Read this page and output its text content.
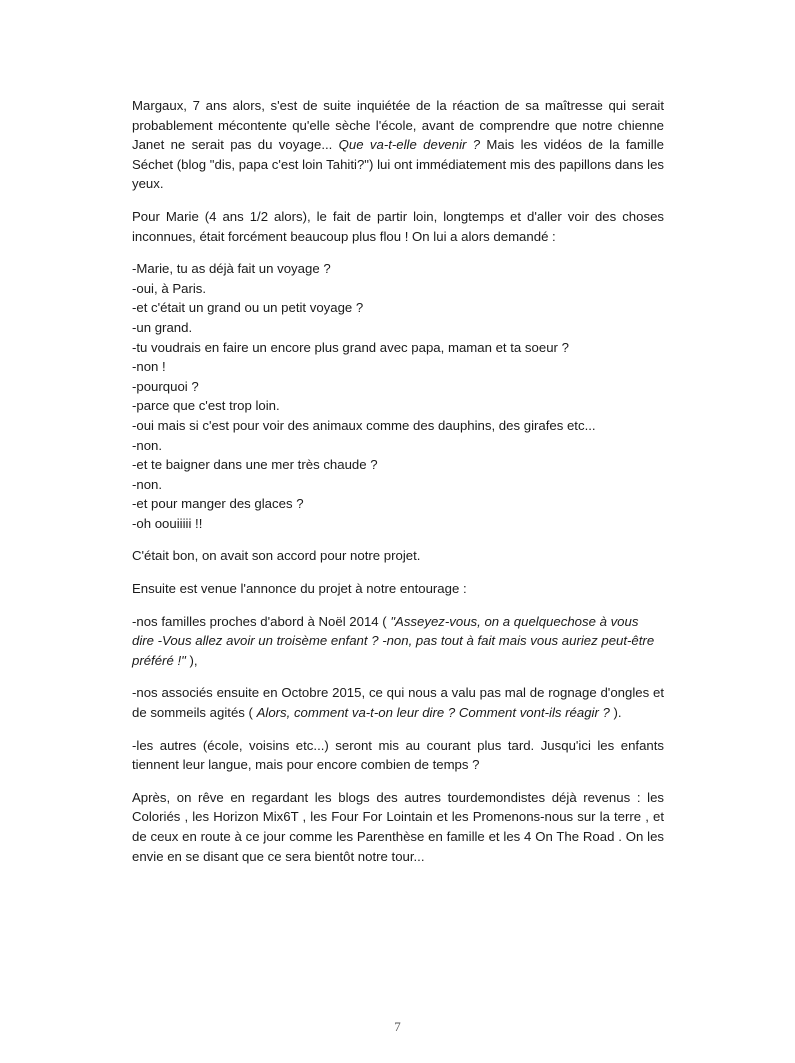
Margaux, 7 ans alors, s'est de suite inquiétée de la réaction de sa maîtresse qui serait probablement mécontente qu'elle sèche l'école, avant de comprendre que notre chienne Janet ne serait pas du voyage... Que va-t-elle devenir ? Mais les vidéos de la famille Séchet (blog "dis, papa c'est loin Tahiti?") lui ont immédiatement mis des papillons dans les yeux.

Pour Marie (4 ans 1/2 alors), le fait de partir loin, longtemps et d'aller voir des choses inconnues, était forcément beaucoup plus flou ! On lui a alors demandé :

-Marie, tu as déjà fait un voyage ?
-oui, à Paris.
-et c'était un grand ou un petit voyage ?
-un grand.
-tu voudrais en faire un encore plus grand avec papa, maman et ta soeur ?
-non !
-pourquoi ?
-parce que c'est trop loin.
-oui mais si c'est pour voir des animaux comme des dauphins, des girafes etc...
-non.
-et te baigner dans une mer très chaude ?
-non.
-et pour manger des glaces ?
-oh oouiiiii !!

C'était bon, on avait son accord pour notre projet.

Ensuite est venue l'annonce du projet à notre entourage :

-nos familles proches d'abord à Noël 2014 ( "Asseyez-vous, on a quelquechose à vous dire -Vous allez avoir un troisème enfant ? -non, pas tout à fait mais vous auriez peut-être préféré !" ),

-nos associés ensuite en Octobre 2015, ce qui nous a valu pas mal de rognage d'ongles et de sommeils agités ( Alors, comment va-t-on leur dire ? Comment vont-ils réagir ? ).

-les autres (école, voisins etc...) seront mis au courant plus tard. Jusqu'ici les enfants tiennent leur langue, mais pour encore combien de temps ?

Après, on rêve en regardant les blogs des autres tourdemondistes déjà revenus : les Coloriés , les Horizon Mix6T , les Four For Lointain et les Promenons-nous sur la terre , et de ceux en route à ce jour comme les Parenthèse en famille et les 4 On The Road . On les envie en se disant que ce sera bientôt notre tour...

7
